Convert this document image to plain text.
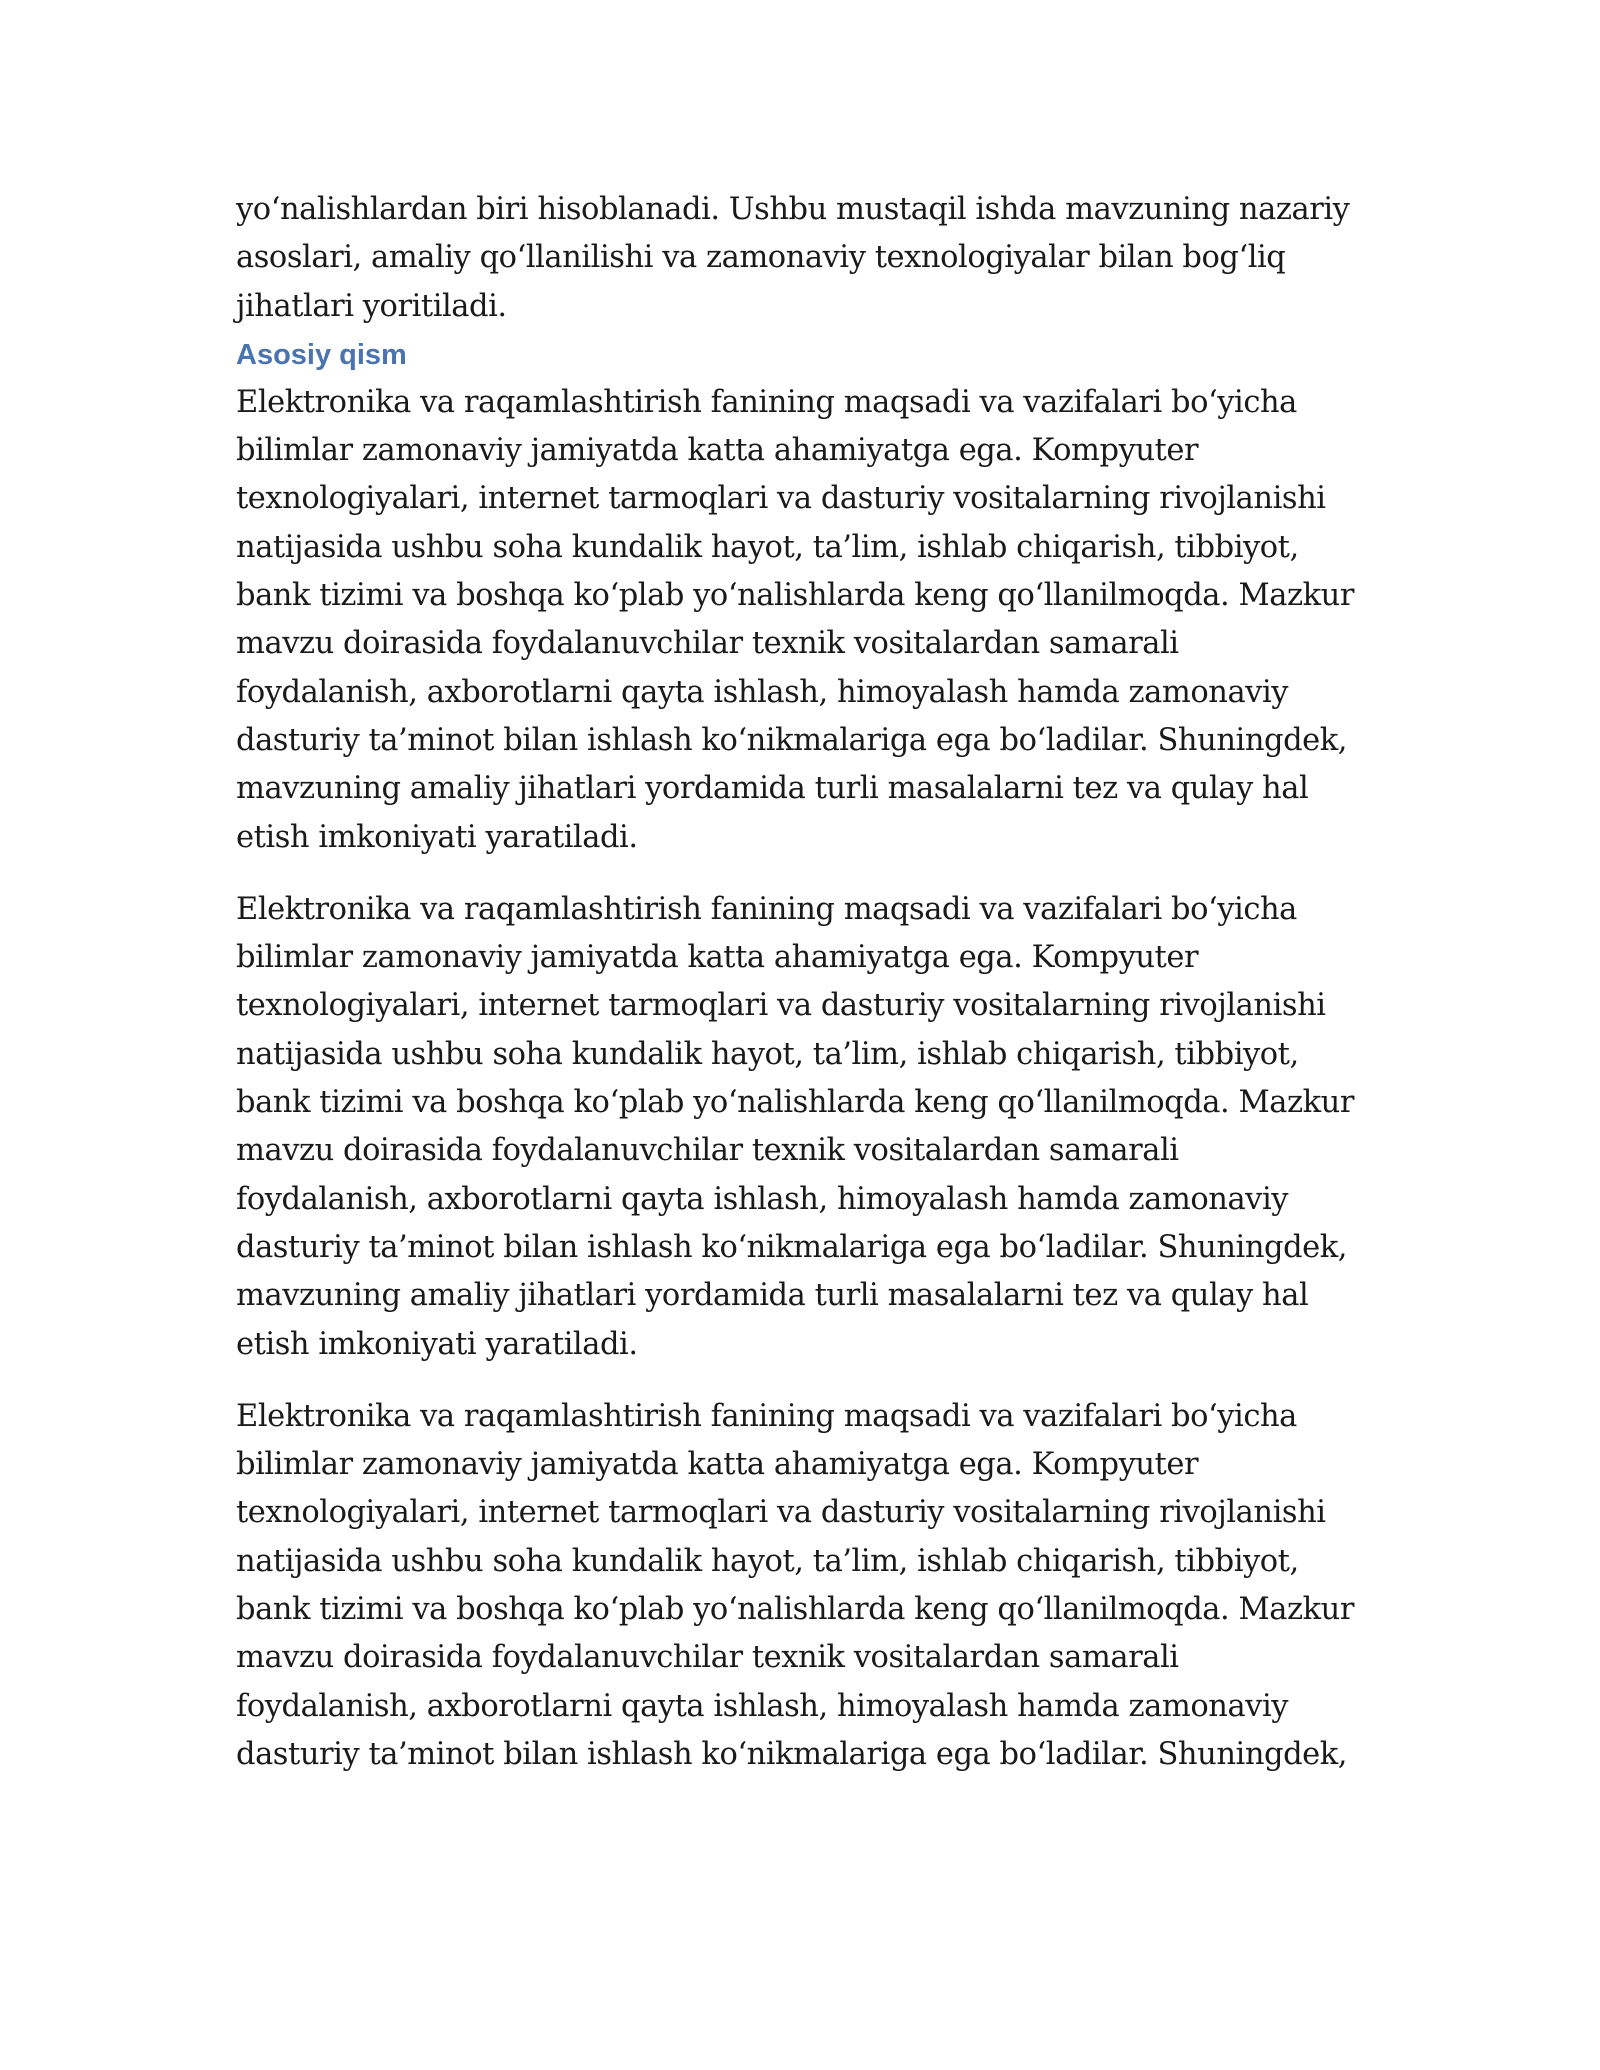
yo‘nalishlardan biri hisoblanadi. Ushbu mustaqil ishda mavzuning nazariy
asoslari, amaliy qo‘llanilishi va zamonaviy texnologiyalar bilan bog‘liq
jihatlari yoritiladi.

Asosiy qism

Elektronika va raqamlashtirish fanining maqsadi va vazifalari bo‘yicha
bilimlar zamonaviy jamiyatda katta ahamiyatga ega. Kompyuter
texnologiyalari, internet tarmoqlari va dasturiy vositalarning rivojlanishi
natijasida ushbu soha kundalik hayot, ta’lim, ishlab chiqarish, tibbiyot,
bank tizimi va boshqa ko‘plab yo‘nalishlarda keng qo‘llanilmoqda. Mazkur
mavzu doirasida foydalanuvchilar texnik vositalardan samarali
foydalanish, axborotlarni qayta ishlash, himoyalash hamda zamonaviy
dasturiy ta’minot bilan ishlash ko‘nikmalariga ega bo‘ladilar. Shuningdek,
mavzuning amaliy jihatlari yordamida turli masalalarni tez va qulay hal
etish imkoniyati yaratiladi.

Elektronika va raqamlashtirish fanining maqsadi va vazifalari bo‘yicha
bilimlar zamonaviy jamiyatda katta ahamiyatga ega. Kompyuter
texnologiyalari, internet tarmoqlari va dasturiy vositalarning rivojlanishi
natijasida ushbu soha kundalik hayot, ta’lim, ishlab chiqarish, tibbiyot,
bank tizimi va boshqa ko‘plab yo‘nalishlarda keng qo‘llanilmoqda. Mazkur
mavzu doirasida foydalanuvchilar texnik vositalardan samarali
foydalanish, axborotlarni qayta ishlash, himoyalash hamda zamonaviy
dasturiy ta’minot bilan ishlash ko‘nikmalariga ega bo‘ladilar. Shuningdek,
mavzuning amaliy jihatlari yordamida turli masalalarni tez va qulay hal
etish imkoniyati yaratiladi.

Elektronika va raqamlashtirish fanining maqsadi va vazifalari bo‘yicha
bilimlar zamonaviy jamiyatda katta ahamiyatga ega. Kompyuter
texnologiyalari, internet tarmoqlari va dasturiy vositalarning rivojlanishi
natijasida ushbu soha kundalik hayot, ta’lim, ishlab chiqarish, tibbiyot,
bank tizimi va boshqa ko‘plab yo‘nalishlarda keng qo‘llanilmoqda. Mazkur
mavzu doirasida foydalanuvchilar texnik vositalardan samarali
foydalanish, axborotlarni qayta ishlash, himoyalash hamda zamonaviy
dasturiy ta’minot bilan ishlash ko‘nikmalariga ega bo‘ladilar. Shuningdek,
